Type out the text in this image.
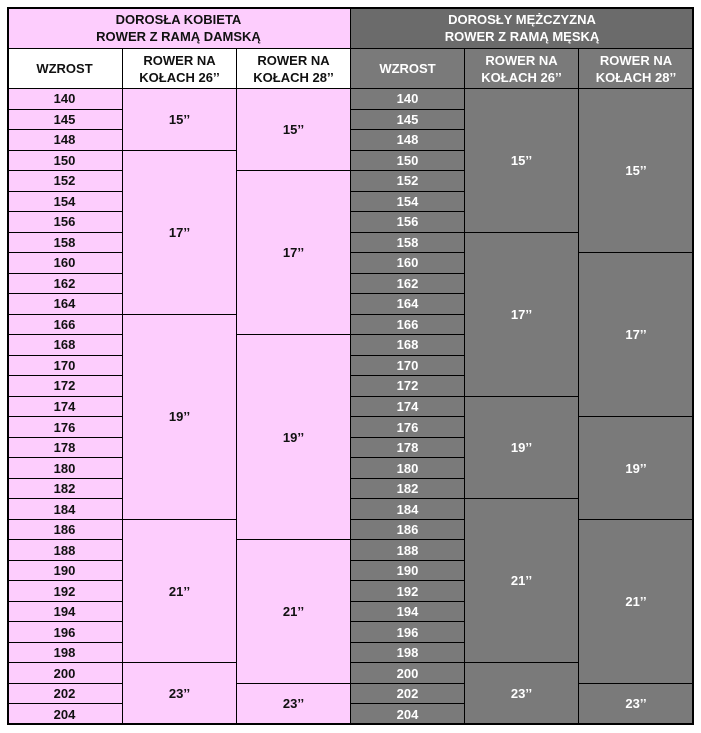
DOROSŁA KOBIETA
ROWER Z RAMĄ DAMSKĄ
WZROST
ROWER NA
KOŁACH 26’’
ROWER NA
KOŁACH 28’’
140
145
148
150
152
154
156
158
160
162
164
166
168
170
172
174
176
178
180
182
184
186
188
190
192
194
196
198
200
202
204
15’’
17’’
19’’
21’’
23’’
15’’
17’’
19’’
21’’
23’’
DOROSŁY MĘŻCZYZNA
ROWER Z RAMĄ MĘSKĄ
WZROST
ROWER NA
KOŁACH 26’’
ROWER NA
KOŁACH 28’’
140
145
148
150
152
154
156
158
160
162
164
166
168
170
172
174
176
178
180
182
184
186
188
190
192
194
196
198
200
202
204
15’’
17’’
19’’
21’’
23’’
15’’
17’’
19’’
21’’
23’’
